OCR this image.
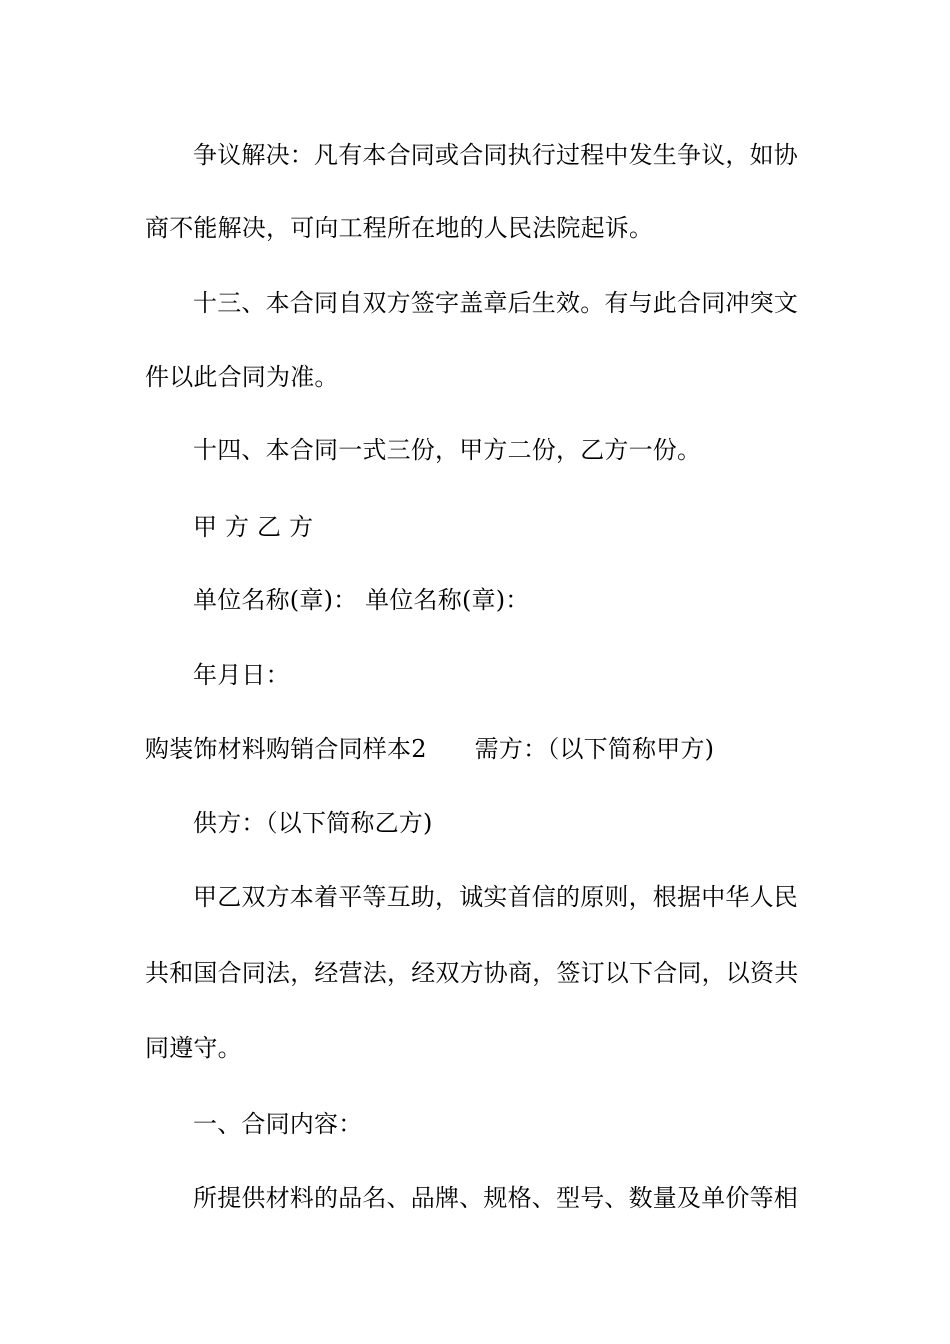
争议解决：凡有本合同或合同执行过程中发生争议，如协
商不能解决，可向工程所在地的人民法院起诉。
十三、本合同自双方签字盖章后生效。有与此合同冲突文
件以此合同为准。
十四、本合同一式三份，甲方二份，乙方一份。
甲 方 乙 方
单位名称(章)： 单位名称(章)：
年月日：
购装饰材料购销合同样本2 需方：（以下简称甲方)
供方：（以下简称乙方)
甲乙双方本着平等互助，诚实首信的原则，根据中华人民
共和国合同法，经营法，经双方协商，签订以下合同，以资共
同遵守。
一、合同内容：
所提供材料的品名、品牌、规格、型号、数量及单价等相
